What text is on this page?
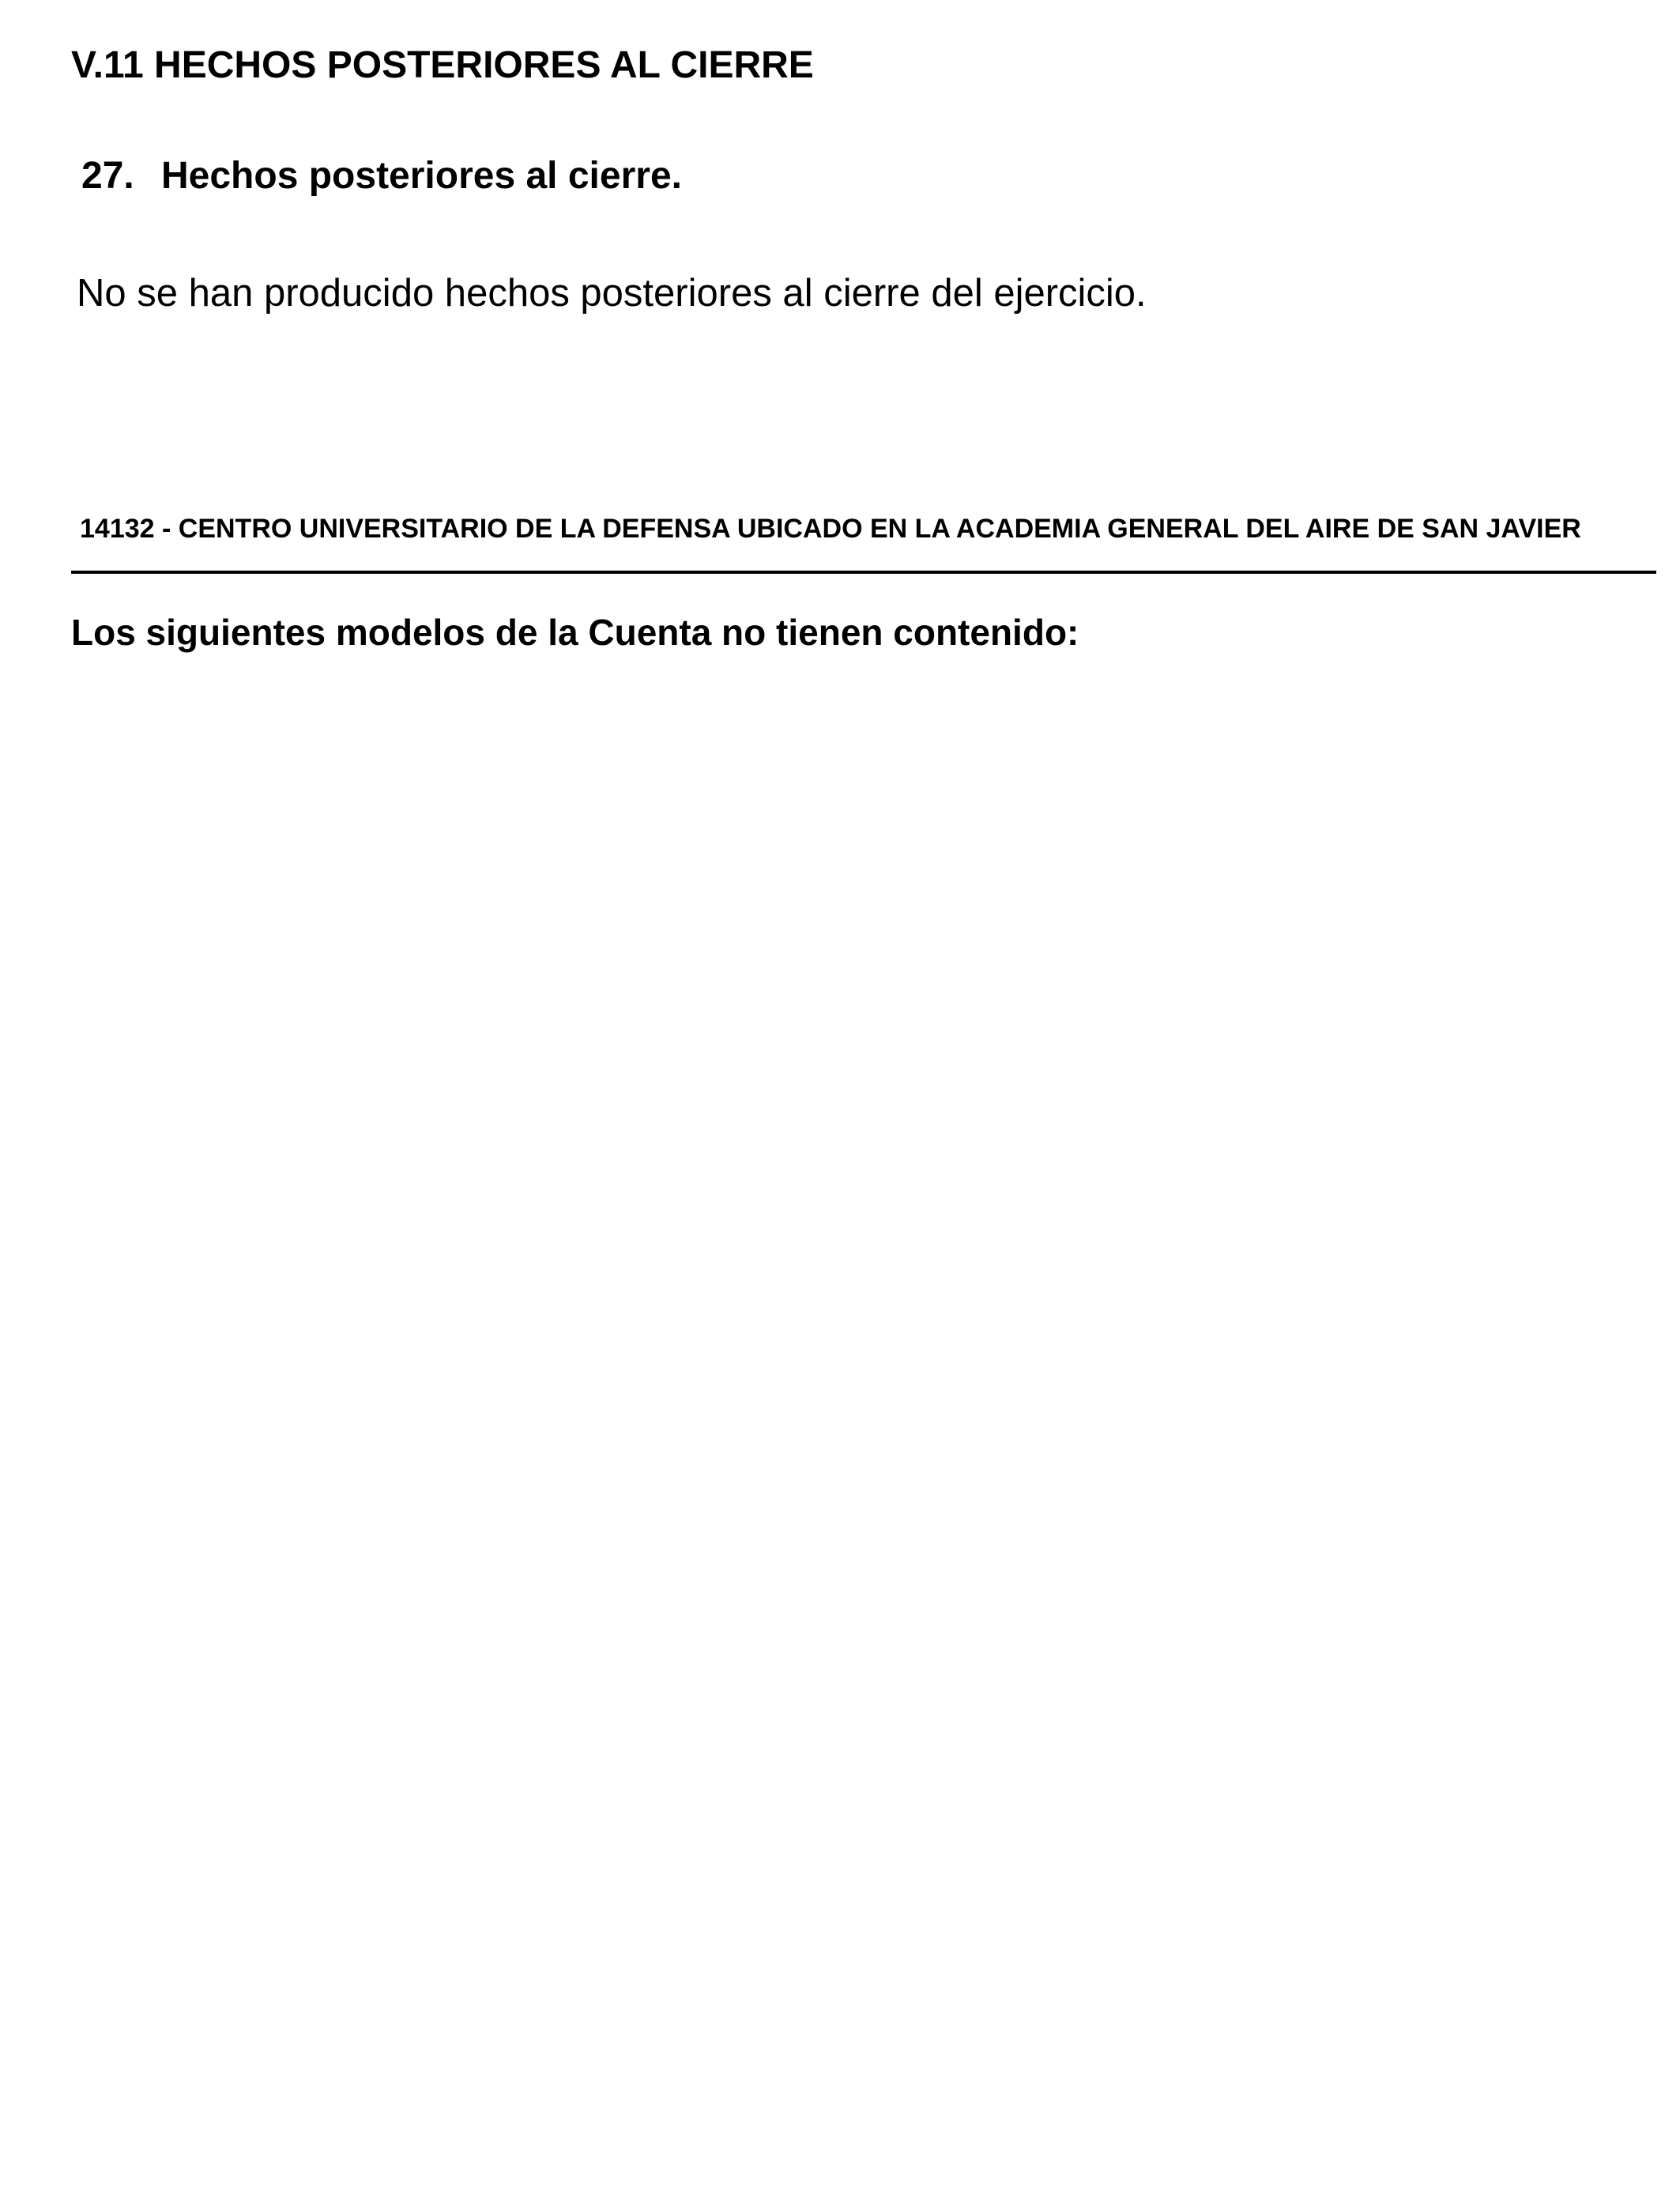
V.11 HECHOS POSTERIORES AL CIERRE
27. Hechos posteriores al cierre.

No se han producido hechos posteriores al cierre del ejercicio.

14132 - CENTRO UNIVERSITARIO DE LA DEFENSA UBICADO EN LA ACADEMIA GENERAL DEL AIRE DE SAN JAVIER
Los siguientes modelos de la Cuenta no tienen contenido:
